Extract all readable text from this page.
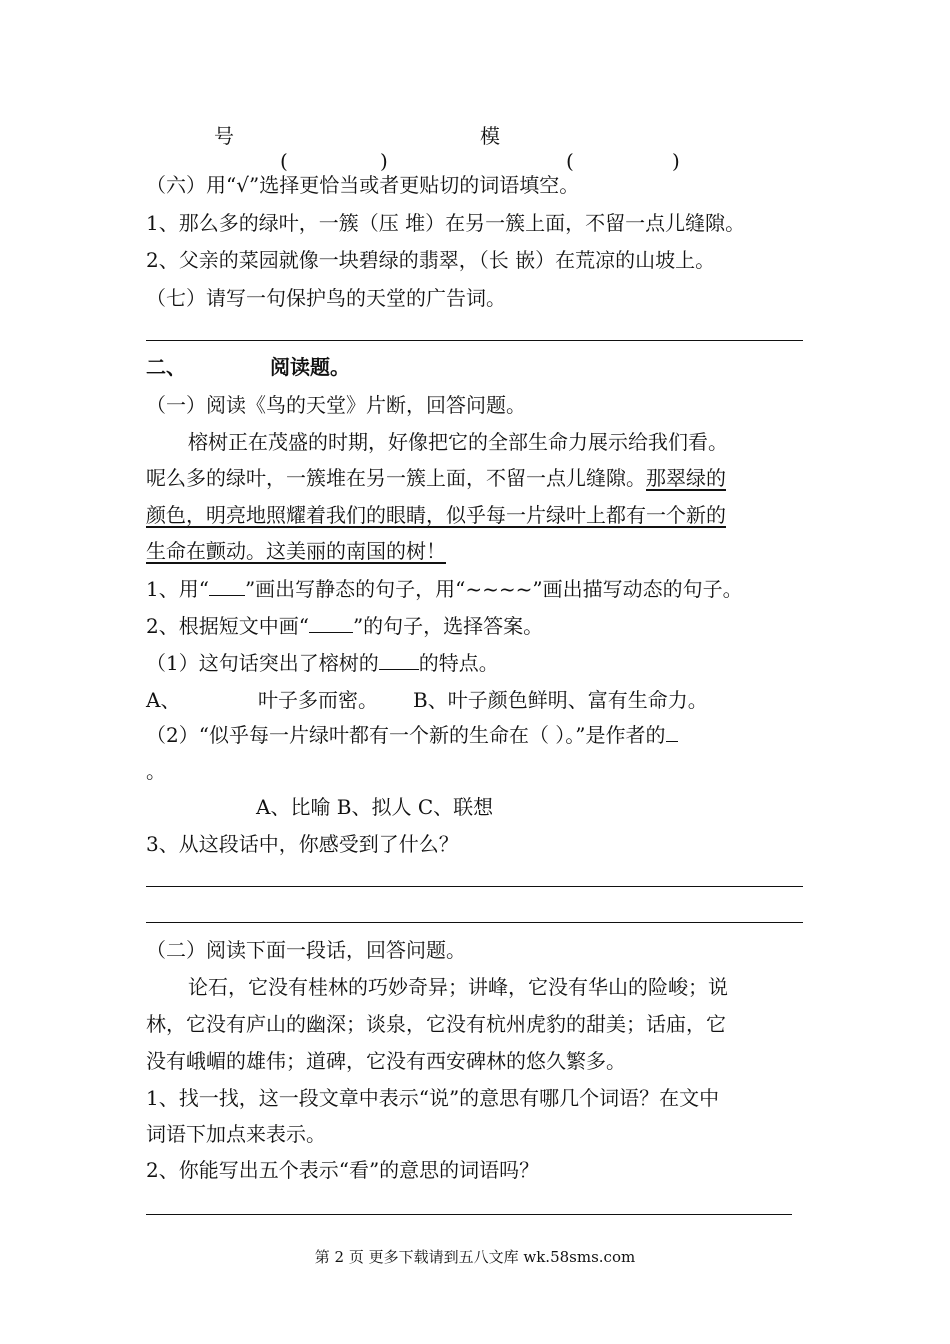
号	模
(	)	(	)
（六）用“√”选择更恰当或者更贴切的词语填空。
1、那么多的绿叶，一簇（压 堆）在另一簇上面，不留一点儿缝隙。
2、父亲的菜园就像一块碧绿的翡翠，（长 嵌）在荒凉的山坡上。
（七）请写一句保护鸟的天堂的广告词。
二、	阅读题。
（一）阅读《鸟的天堂》片断，回答问题。
榕树正在茂盛的时期，好像把它的全部生命力展示给我们看。
呢么多的绿叶，一簇堆在另一簇上面，不留一点儿缝隙。那翠绿的
颜色，明亮地照耀着我们的眼睛，似乎每一片绿叶上都有一个新的
生命在颤动。这美丽的南国的树！
1、用“ ”画出写静态的句子，用“~~~~”画出描写动态的句子。
2、根据短文中画“ ”的句子，选择答案。
（1）这句话突出了榕树的 的特点。
A、	叶子多而密。 B、叶子颜色鲜明、富有生命力。
（2）“似乎每一片绿叶都有一个新的生命在（ ）。”是作者的
。
A、比喻 B、拟人 C、联想
3、从这段话中，你感受到了什么？
（二）阅读下面一段话，回答问题。
论石，它没有桂林的巧妙奇异；讲峰，它没有华山的险峻；说
林，它没有庐山的幽深；谈泉，它没有杭州虎豹的甜美；话庙，它
没有峨嵋的雄伟；道碑，它没有西安碑林的悠久繁多。
1、找一找，这一段文章中表示“说”的意思有哪几个词语？在文中
词语下加点来表示。
2、你能写出五个表示“看”的意思的词语吗？
第 2 页 更多下载请到五八文库 wk.58sms.com
